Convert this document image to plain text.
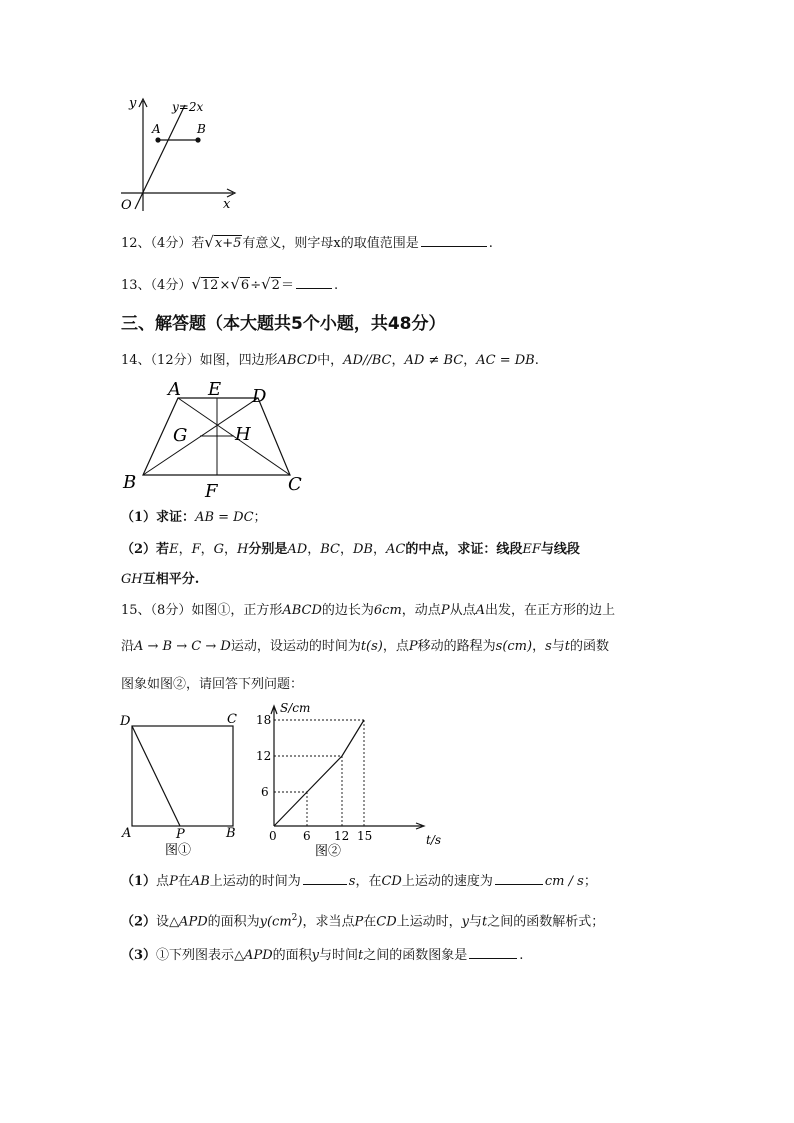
y	y=2x
A	B
O	x
12、（4分）若√x+5有意义，则字母x的取值范围是	.
13、（4分）√12×√6÷√2＝	.
三、解答题（本大题共5个小题，共48分）
14、（12分）如图，四边形ABCD中，AD//BC，AD ≠ BC，AC = DB.
A E D
G	H
B	F	C
（1）求证：AB = DC；
（2）若E，F，G，H分别是AD，BC，DB，AC的中点，求证：线段EF与线段
GH互相平分.
15、（8分）如图①，正方形ABCD的边长为6cm，动点P从点A出发，在正方形的边上
沿A → B → C → D运动，设运动的时间为t(s)，点P移动的路程为s(cm)，s与t的函数
图象如图②，请回答下列问题：
D	C
A	P	B
图①
S/cm
18
12
6
0 6 12 15	t/s
图②
（1）点P在AB上运动的时间为	s，在CD上运动的速度为	cm / s；
（2）设△APD的面积为$y(cm^2)$，求当点P在CD上运动时，y与t之间的函数解析式；
（3）①下列图表示△APD的面积y与时间t之间的函数图象是	.
